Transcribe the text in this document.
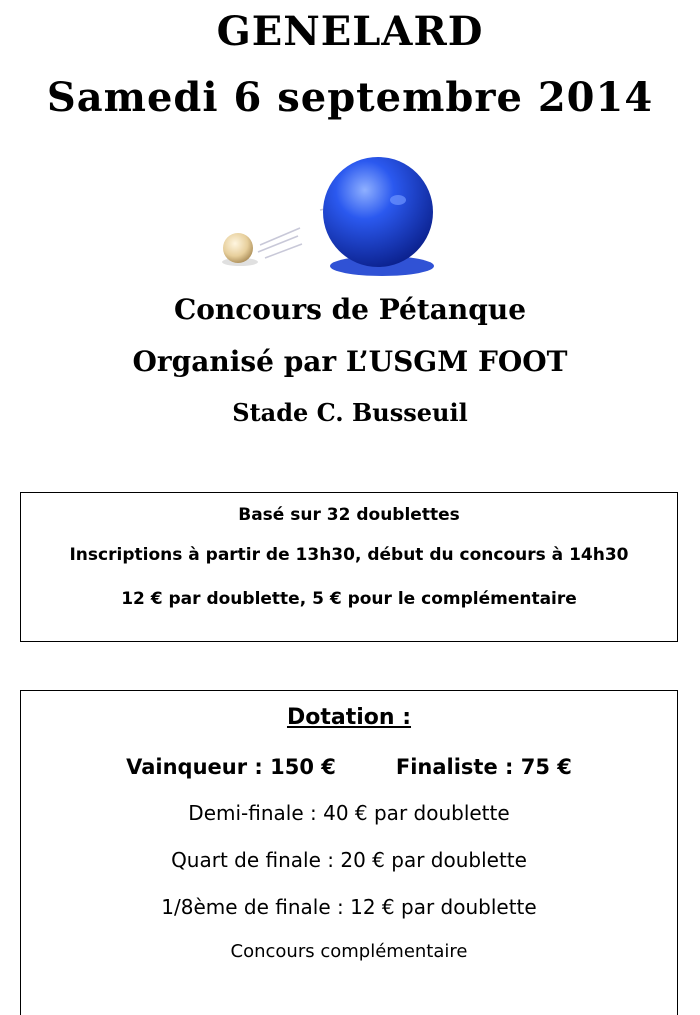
GENELARD
Samedi 6 septembre 2014
Concours de Pétanque
Organisé par L’USGM FOOT
Stade C. Busseuil
Basé sur 32 doublettes
Inscriptions à partir de 13h30, début du concours à 14h30
12 € par doublette, 5 € pour le complémentaire
Dotation :
Vainqueur : 150 €	Finaliste : 75 €
Demi-finale : 40 € par doublette
Quart de finale : 20 € par doublette
1/8ème de finale : 12 € par doublette
Concours complémentaire
